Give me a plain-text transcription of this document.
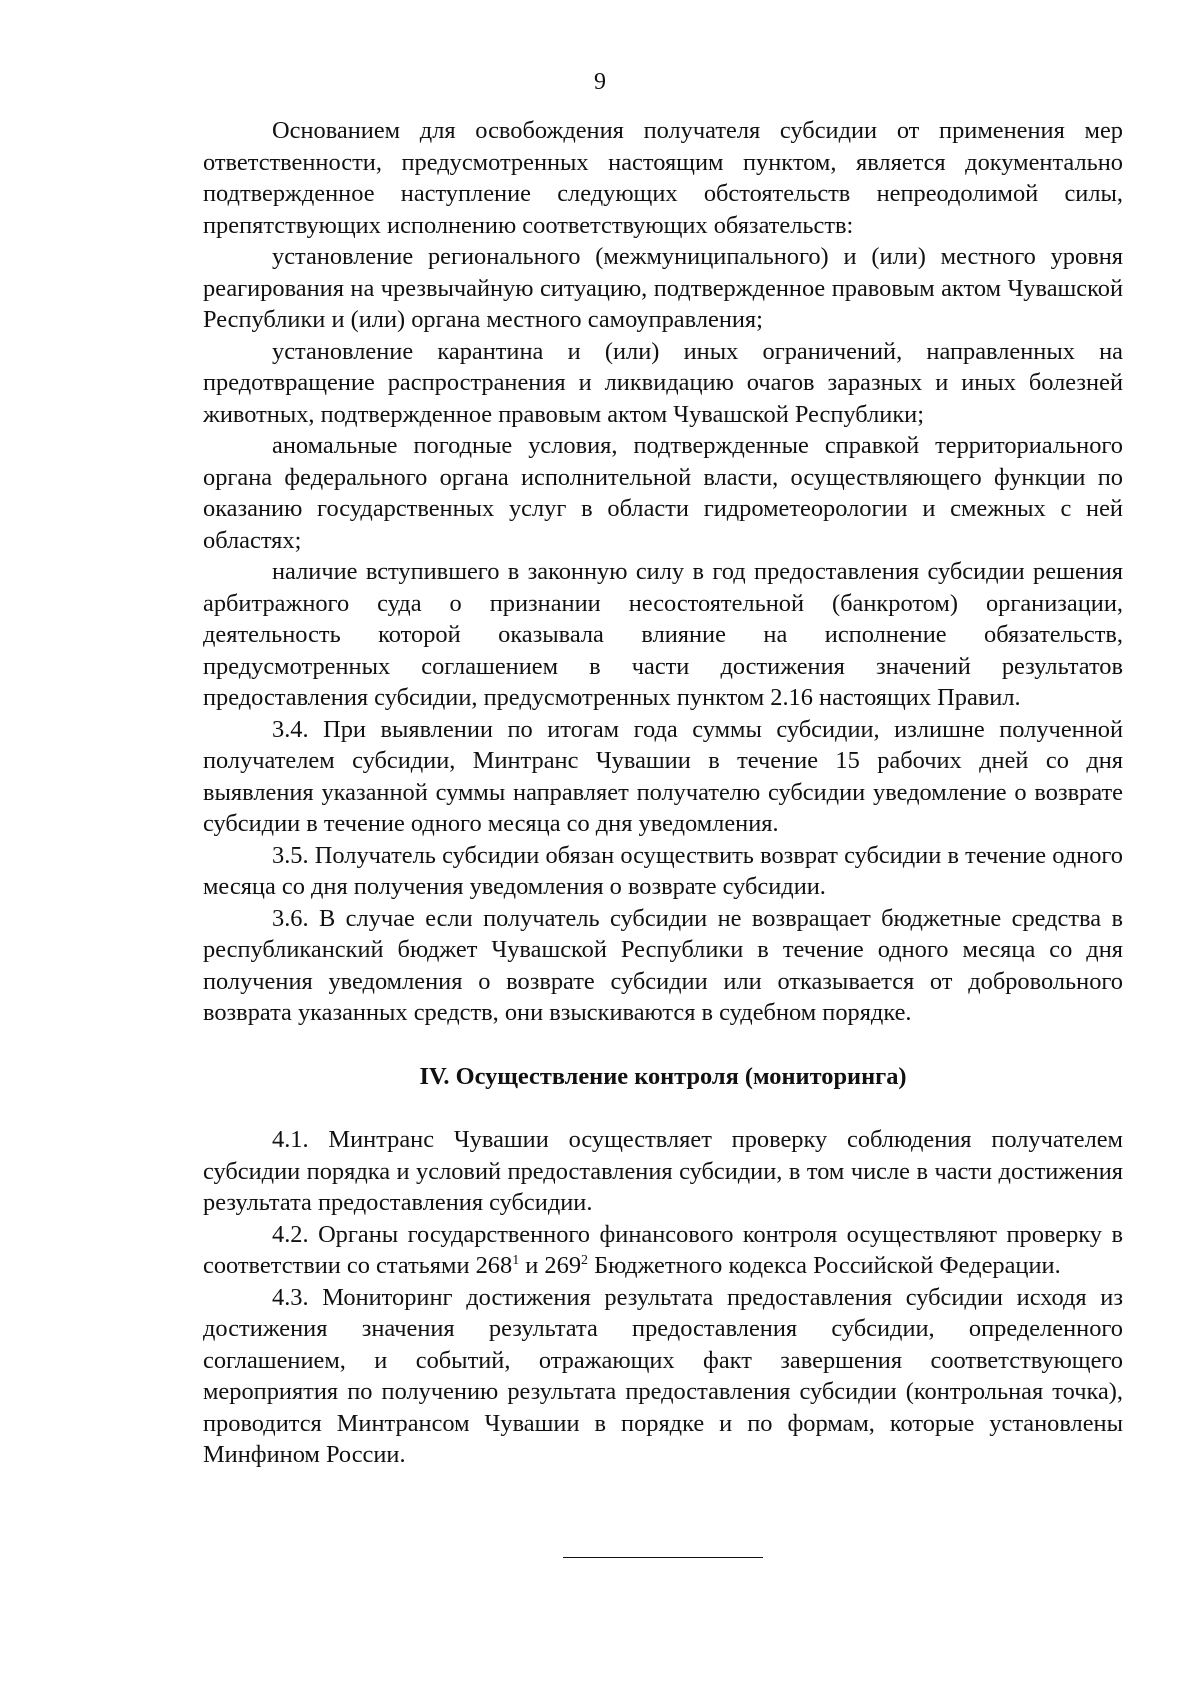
9

Основанием для освобождения получателя субсидии от применения мер ответственности, предусмотренных настоящим пунктом, является документально подтвержденное наступление следующих обстоятельств непреодолимой силы, препятствующих исполнению соответствующих обязательств:

установление регионального (межмуниципального) и (или) местного уровня реагирования на чрезвычайную ситуацию, подтвержденное правовым актом Чувашской Республики и (или) органа местного самоуправления;

установление карантина и (или) иных ограничений, направленных на предотвращение распространения и ликвидацию очагов заразных и иных болезней животных, подтвержденное правовым актом Чувашской Республики;

аномальные погодные условия, подтвержденные справкой территориального органа федерального органа исполнительной власти, осуществляющего функции по оказанию государственных услуг в области гидрометеорологии и смежных с ней областях;

наличие вступившего в законную силу в год предоставления субсидии решения арбитражного суда о признании несостоятельной (банкротом) организации, деятельность которой оказывала влияние на исполнение обязательств, предусмотренных соглашением в части достижения значений результатов предоставления субсидии, предусмотренных пунктом 2.16 настоящих Правил.

3.4. При выявлении по итогам года суммы субсидии, излишне полученной получателем субсидии, Минтранс Чувашии в течение 15 рабочих дней со дня выявления указанной суммы направляет получателю субсидии уведомление о возврате субсидии в течение одного месяца со дня уведомления.

3.5. Получатель субсидии обязан осуществить возврат субсидии в течение одного месяца со дня получения уведомления о возврате субсидии.

3.6. В случае если получатель субсидии не возвращает бюджетные средства в республиканский бюджет Чувашской Республики в течение одного месяца со дня получения уведомления о возврате субсидии или отказывается от добровольного возврата указанных средств, они взыскиваются в судебном порядке.

IV. Осуществление контроля (мониторинга)

4.1. Минтранс Чувашии осуществляет проверку соблюдения получателем субсидии порядка и условий предоставления субсидии, в том числе в части достижения результата предоставления субсидии.

4.2. Органы государственного финансового контроля осуществляют проверку в соответствии со статьями $268^1$ и $269^2$ Бюджетного кодекса Российской Федерации.

4.3. Мониторинг достижения результата предоставления субсидии исходя из достижения значения результата предоставления субсидии, определенного соглашением, и событий, отражающих факт завершения соответствующего мероприятия по получению результата предоставления субсидии (контрольная точка), проводится Минтрансом Чувашии в порядке и по формам, которые установлены Минфином России.
